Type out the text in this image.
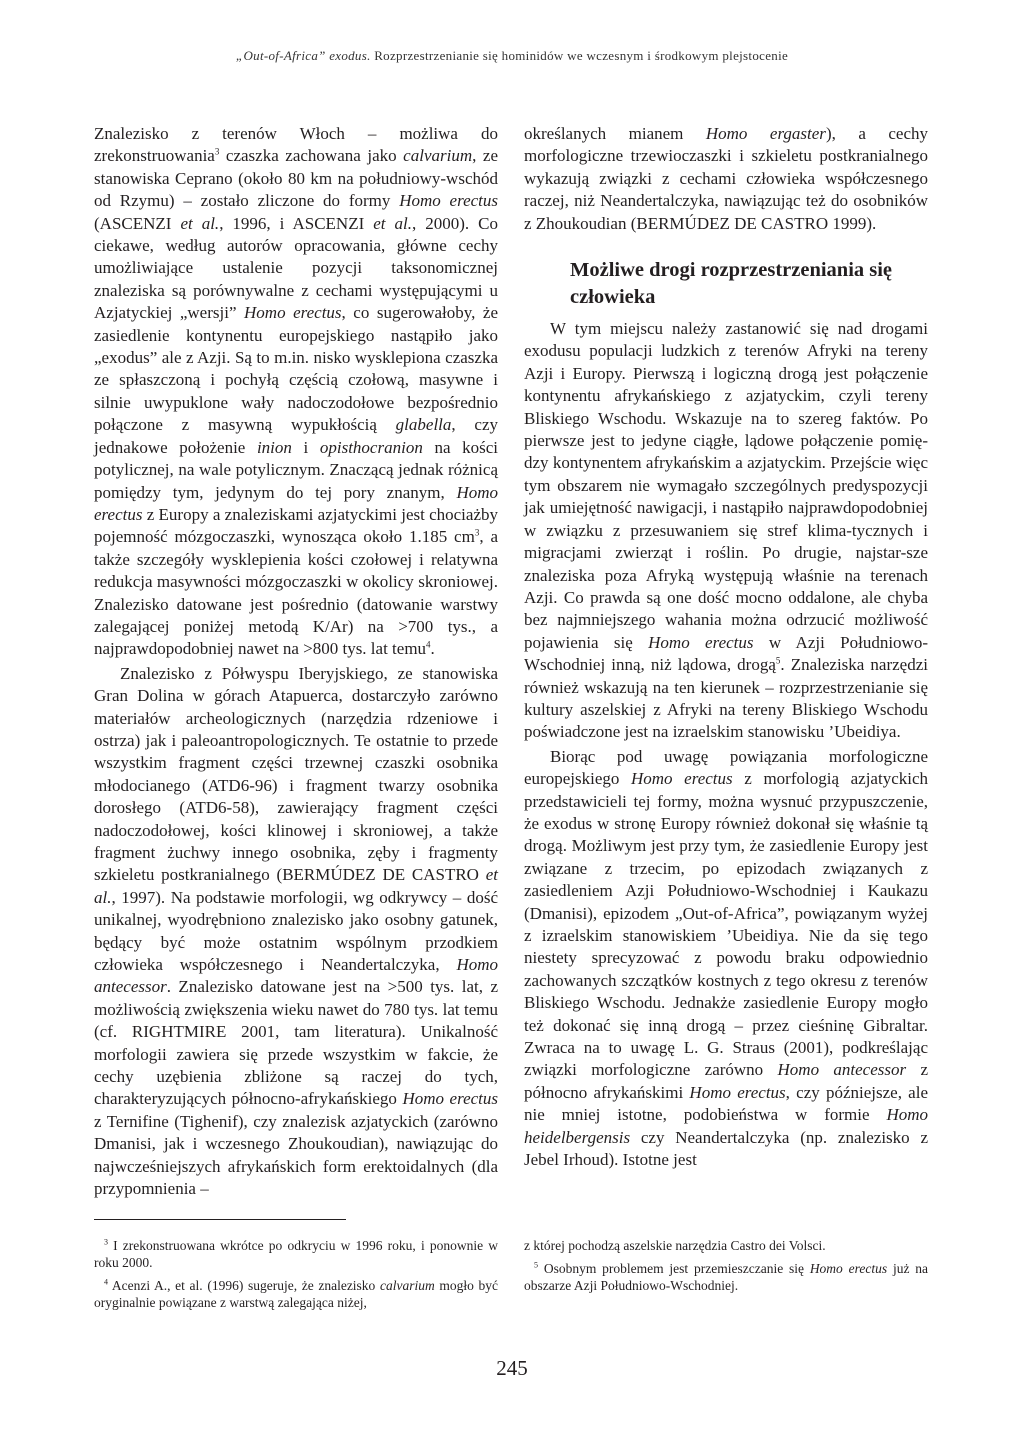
„Out-of-Africa” exodus. Rozprzestrzenianie się hominidów we wczesnym i środkowym plejstocenie

Znalezisko z terenów Włoch – możliwa do zrekonstruowania$^3$ czaszka zachowana jako calvarium, ze stanowiska Ceprano (około 80 km na południowy-wschód od Rzymu) – zostało zliczone do formy Homo erectus (ASCENZI et al., 1996, i ASCENZI et al., 2000). Co ciekawe, według autorów opracowania, główne cechy umożliwiające ustalenie pozycji taksonomicznej znaleziska są porównywalne z cechami występującymi u Azjatyckiej „wersji” Homo erectus, co sugerowałoby, że zasiedlenie kontynentu europejskiego nastąpiło jako „exodus” ale z Azji. Są to m.in. nisko wysklepiona czaszka ze spłaszczoną i pochyłą częścią czołową, masywne i silnie uwypuklone wały nadoczodołowe bezpośrednio połączone z masywną wypukłością glabella, czy jednakowe położenie inion i opisthocranion na kości potylicznej, na wale potylicznym. Znaczącą jednak różnicą pomiędzy tym, jedynym do tej pory znanym, Homo erectus z Europy a znaleziskami azjatyckimi jest chociażby pojemność mózgoczaszki, wynosząca około 1.185 $cm^3$, a także szczegóły wysklepienia kości czołowej i relatywna redukcja masywności mózgoczaszki w okolicy skroniowej. Znalezisko datowane jest pośrednio (datowanie warstwy zalegającej poniżej metodą K/Ar) na >700 tys., a najprawdopodobniej nawet na >800 tys. lat temu$^4$.

Znalezisko z Półwyspu Iberyjskiego, ze stanowiska Gran Dolina w górach Atapuerca, dostarczyło zarówno materiałów archeologicznych (narzędzia rdzeniowe i ostrza) jak i paleoantropologicznych. Te ostatnie to przede wszystkim fragment części trzewnej czaszki osobnika młodocianego (ATD6-96) i fragment twarzy osobnika dorosłego (ATD6-58), zawierający fragment części nadoczodołowej, kości klinowej i skroniowej, a także fragment żuchwy innego osobnika, zęby i fragmenty szkieletu postkranialnego (BERMÚDEZ DE CASTRO et al., 1997). Na podstawie morfologii, wg odkrywcy – dość unikalnej, wyodrębniono znalezisko jako osobny gatunek, będący być może ostatnim wspólnym przodkiem człowieka współczesnego i Neandertalczyka, Homo antecessor. Znalezisko datowane jest na >500 tys. lat, z możliwością zwiększenia wieku nawet do 780 tys. lat temu (cf. RIGHTMIRE 2001, tam literatura). Unikalność morfologii zawiera się przede wszystkim w fakcie, że cechy uzębienia zbliżone są raczej do tych, charakteryzujących północno-afrykańskiego Homo erectus z Ternifine (Tighenif), czy znalezisk azjatyckich (zarówno Dmanisi, jak i wczesnego Zhoukoudian), nawiązując do najwcześniejszych afrykańskich form erektoidalnych (dla przypomnienia –

określanych mianem Homo ergaster), a cechy morfologiczne trzewioczaszki i szkieletu postkranialnego wykazują związki z cechami człowieka współczesnego raczej, niż Neandertalczyka, nawiązując też do osobników z Zhoukoudian (BERMÚDEZ DE CASTRO 1999).

Możliwe drogi rozprzestrzeniania się człowieka

W tym miejscu należy zastanowić się nad drogami exodusu populacji ludzkich z terenów Afryki na tereny Azji i Europy. Pierwszą i logiczną drogą jest połączenie kontynentu afrykańskiego z azjatyckim, czyli tereny Bliskiego Wschodu. Wskazuje na to szereg faktów. Po pierwsze jest to jedyne ciągłe, lądowe połączenie pomię-dzy kontynentem afrykańskim a azjatyckim. Przejście więc tym obszarem nie wymagało szczególnych predyspozycji jak umiejętność nawigacji, i nastąpiło najprawdopodobniej w związku z przesuwaniem się stref klima-tycznych i migracjami zwierząt i roślin. Po drugie, najstar-sze znaleziska poza Afryką występują właśnie na terenach Azji. Co prawda są one dość mocno oddalone, ale chyba bez najmniejszego wahania można odrzucić możliwość pojawienia się Homo erectus w Azji Południowo-Wschodniej inną, niż lądowa, drogą$^5$. Znaleziska narzędzi również wskazują na ten kierunek – rozprzestrzenianie się kultury aszelskiej z Afryki na tereny Bliskiego Wschodu poświadczone jest na izraelskim stanowisku ’Ubeidiya.

Biorąc pod uwagę powiązania morfologiczne europejskiego Homo erectus z morfologią azjatyckich przedstawicieli tej formy, można wysnuć przypuszczenie, że exodus w stronę Europy również dokonał się właśnie tą drogą. Możliwym jest przy tym, że zasiedlenie Europy jest związane z trzecim, po epizodach związanych z zasiedleniem Azji Południowo-Wschodniej i Kaukazu (Dmanisi), epizodem „Out-of-Africa”, powiązanym wyżej z izraelskim stanowiskiem ’Ubeidiya. Nie da się tego niestety sprecyzować z powodu braku odpowiednio zachowanych szczątków kostnych z tego okresu z terenów Bliskiego Wschodu. Jednakże zasiedlenie Europy mogło też dokonać się inną drogą – przez cieśninę Gibraltar. Zwraca na to uwagę L. G. Straus (2001), podkreślając związki morfologiczne zarówno Homo antecessor z północno afrykańskimi Homo erectus, czy późniejsze, ale nie mniej istotne, podobieństwa w formie Homo heidelbergensis czy Neandertalczyka (np. znalezisko z Jebel Irhoud). Istotne jest

$^3$ I zrekonstruowana wkrótce po odkryciu w 1996 roku, i ponownie w roku 2000.

$^4$ Acenzi A., et al. (1996) sugeruje, że znalezisko calvarium mogło być oryginalnie powiązane z warstwą zalegająca niżej,

z której pochodzą aszelskie narzędzia Castro dei Volsci.

$^5$ Osobnym problemem jest przemieszczanie się Homo erectus już na obszarze Azji Południowo-Wschodniej.

245
